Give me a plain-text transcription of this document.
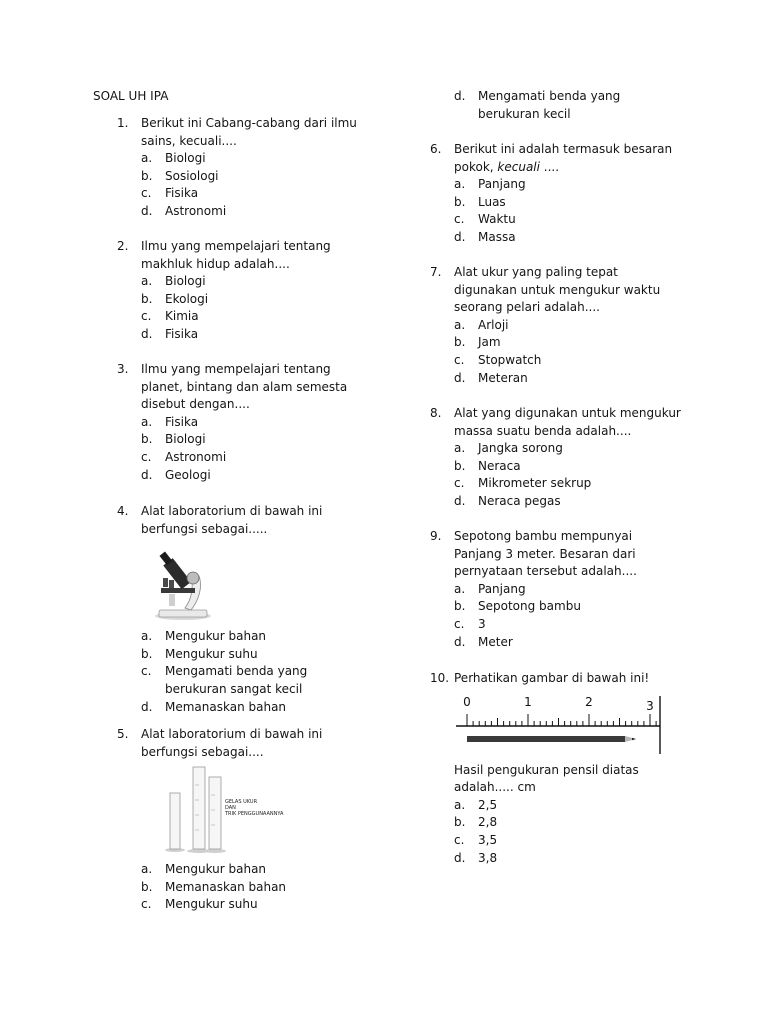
SOAL UH IPA
1. Berikut ini Cabang-cabang dari ilmu sains, kecuali....
a. Biologi
b. Sosiologi
c. Fisika
d. Astronomi
2. Ilmu yang mempelajari tentang makhluk hidup adalah....
a. Biologi
b. Ekologi
c. Kimia
d. Fisika
3. Ilmu yang mempelajari tentang planet, bintang dan alam semesta disebut dengan....
a. Fisika
b. Biologi
c. Astronomi
d. Geologi
4. Alat laboratorium di bawah ini berfungsi sebagai.....
a. Mengukur bahan
b. Mengukur suhu
c. Mengamati benda yang berukuran sangat kecil
d. Memanaskan bahan
5. Alat laboratorium di bawah ini berfungsi sebagai....
GELAS UKUR
DAN
TRIK PENGGUNAANNYA
a. Mengukur bahan
b. Memanaskan bahan
c. Mengukur suhu
d. Mengamati benda yang berukuran kecil
6. Berikut ini adalah termasuk besaran pokok, kecuali ....
a. Panjang
b. Luas
c. Waktu
d. Massa
7. Alat ukur yang paling tepat digunakan untuk mengukur waktu seorang pelari adalah....
a. Arloji
b. Jam
c. Stopwatch
d. Meteran
8. Alat yang digunakan untuk mengukur massa suatu benda adalah....
a. Jangka sorong
b. Neraca
c. Mikrometer sekrup
d. Neraca pegas
9. Sepotong bambu mempunyai Panjang 3 meter. Besaran dari pernyataan tersebut adalah....
a. Panjang
b. Sepotong bambu
c. 3
d. Meter
10. Perhatikan gambar di bawah ini!
0	1	2	3
Hasil pengukuran pensil diatas adalah..... cm
a. 2,5
b. 2,8
c. 3,5
d. 3,8
